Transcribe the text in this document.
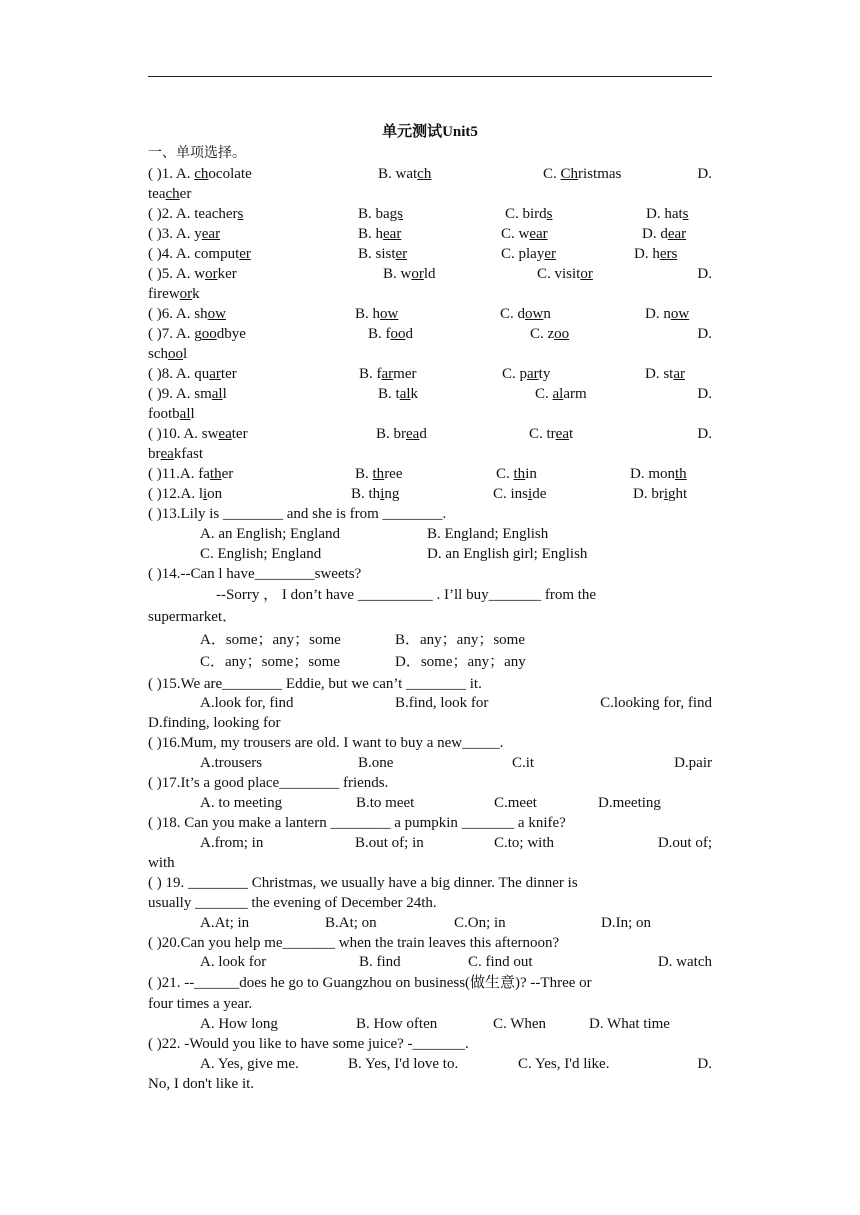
单元测试Unit5
一、单项选择。
( )1. A. chocolate	B. watch	C. Christmas	D.
teacher
( )2. A. teachers	B. bags	C. birds	D. hats
( )3. A. year	B. hear	C. wear	D. dear
( )4. A. computer	B. sister	C. player	D. hers
( )5. A. worker	B. world	C. visitor	D.
firework
( )6. A. show	B. how	C. down	D. now
( )7. A. goodbye	B. food	C. zoo	D.
school
( )8. A. quarter	B. farmer	C. party	D. star
( )9. A. small	B. talk	C. alarm	D.
football
( )10. A. sweater	B. bread	C. treat	D.
breakfast
( )11.A. father	B. three	C. thin	D. month
( )12.A. lion	B. thing	C. inside	D. bright
( )13.Lily is ________ and she is from ________.
A. an English; England	B. England; English
C. English; England	D. an English girl; English
( )14.--Can l have________sweets?
--Sorry ， I don’t have __________ . I’ll buy_______ from the
supermarket．
A．some；any；some	B．any；any；some
C．any；some；some	D．some；any；any
( )15.We are________ Eddie, but we can’t ________ it.
A.look for, find	B.find, look for	C.looking for, find
D.finding, looking for
( )16.Mum, my trousers are old. I want to buy a new_____.
A.trousers	B.one	C.it	D.pair
( )17.It’s a good place________ friends.
A. to meeting	B.to meet	C.meet	D.meeting
( )18. Can you make a lantern ________ a pumpkin _______ a knife?
A.from; in	B.out of; in	C.to; with	D.out of;
with
( ) 19. ________ Christmas, we usually have a big dinner. The dinner is
usually _______ the evening of December 24th.
A.At; in	B.At; on	C.On; in	D.In; on
( )20.Can you help me_______ when the train leaves this afternoon?
A. look for	B. find	C. find out	D. watch
( )21. --______does he go to Guangzhou on business(做生意)? --Three or
four times a year.
A. How long	B. How often	C. When	D. What time
( )22. -Would you like to have some juice? -_______.
A. Yes, give me.	B. Yes, I'd love to.	C. Yes, I'd like.	D.
No, I don't like it.
